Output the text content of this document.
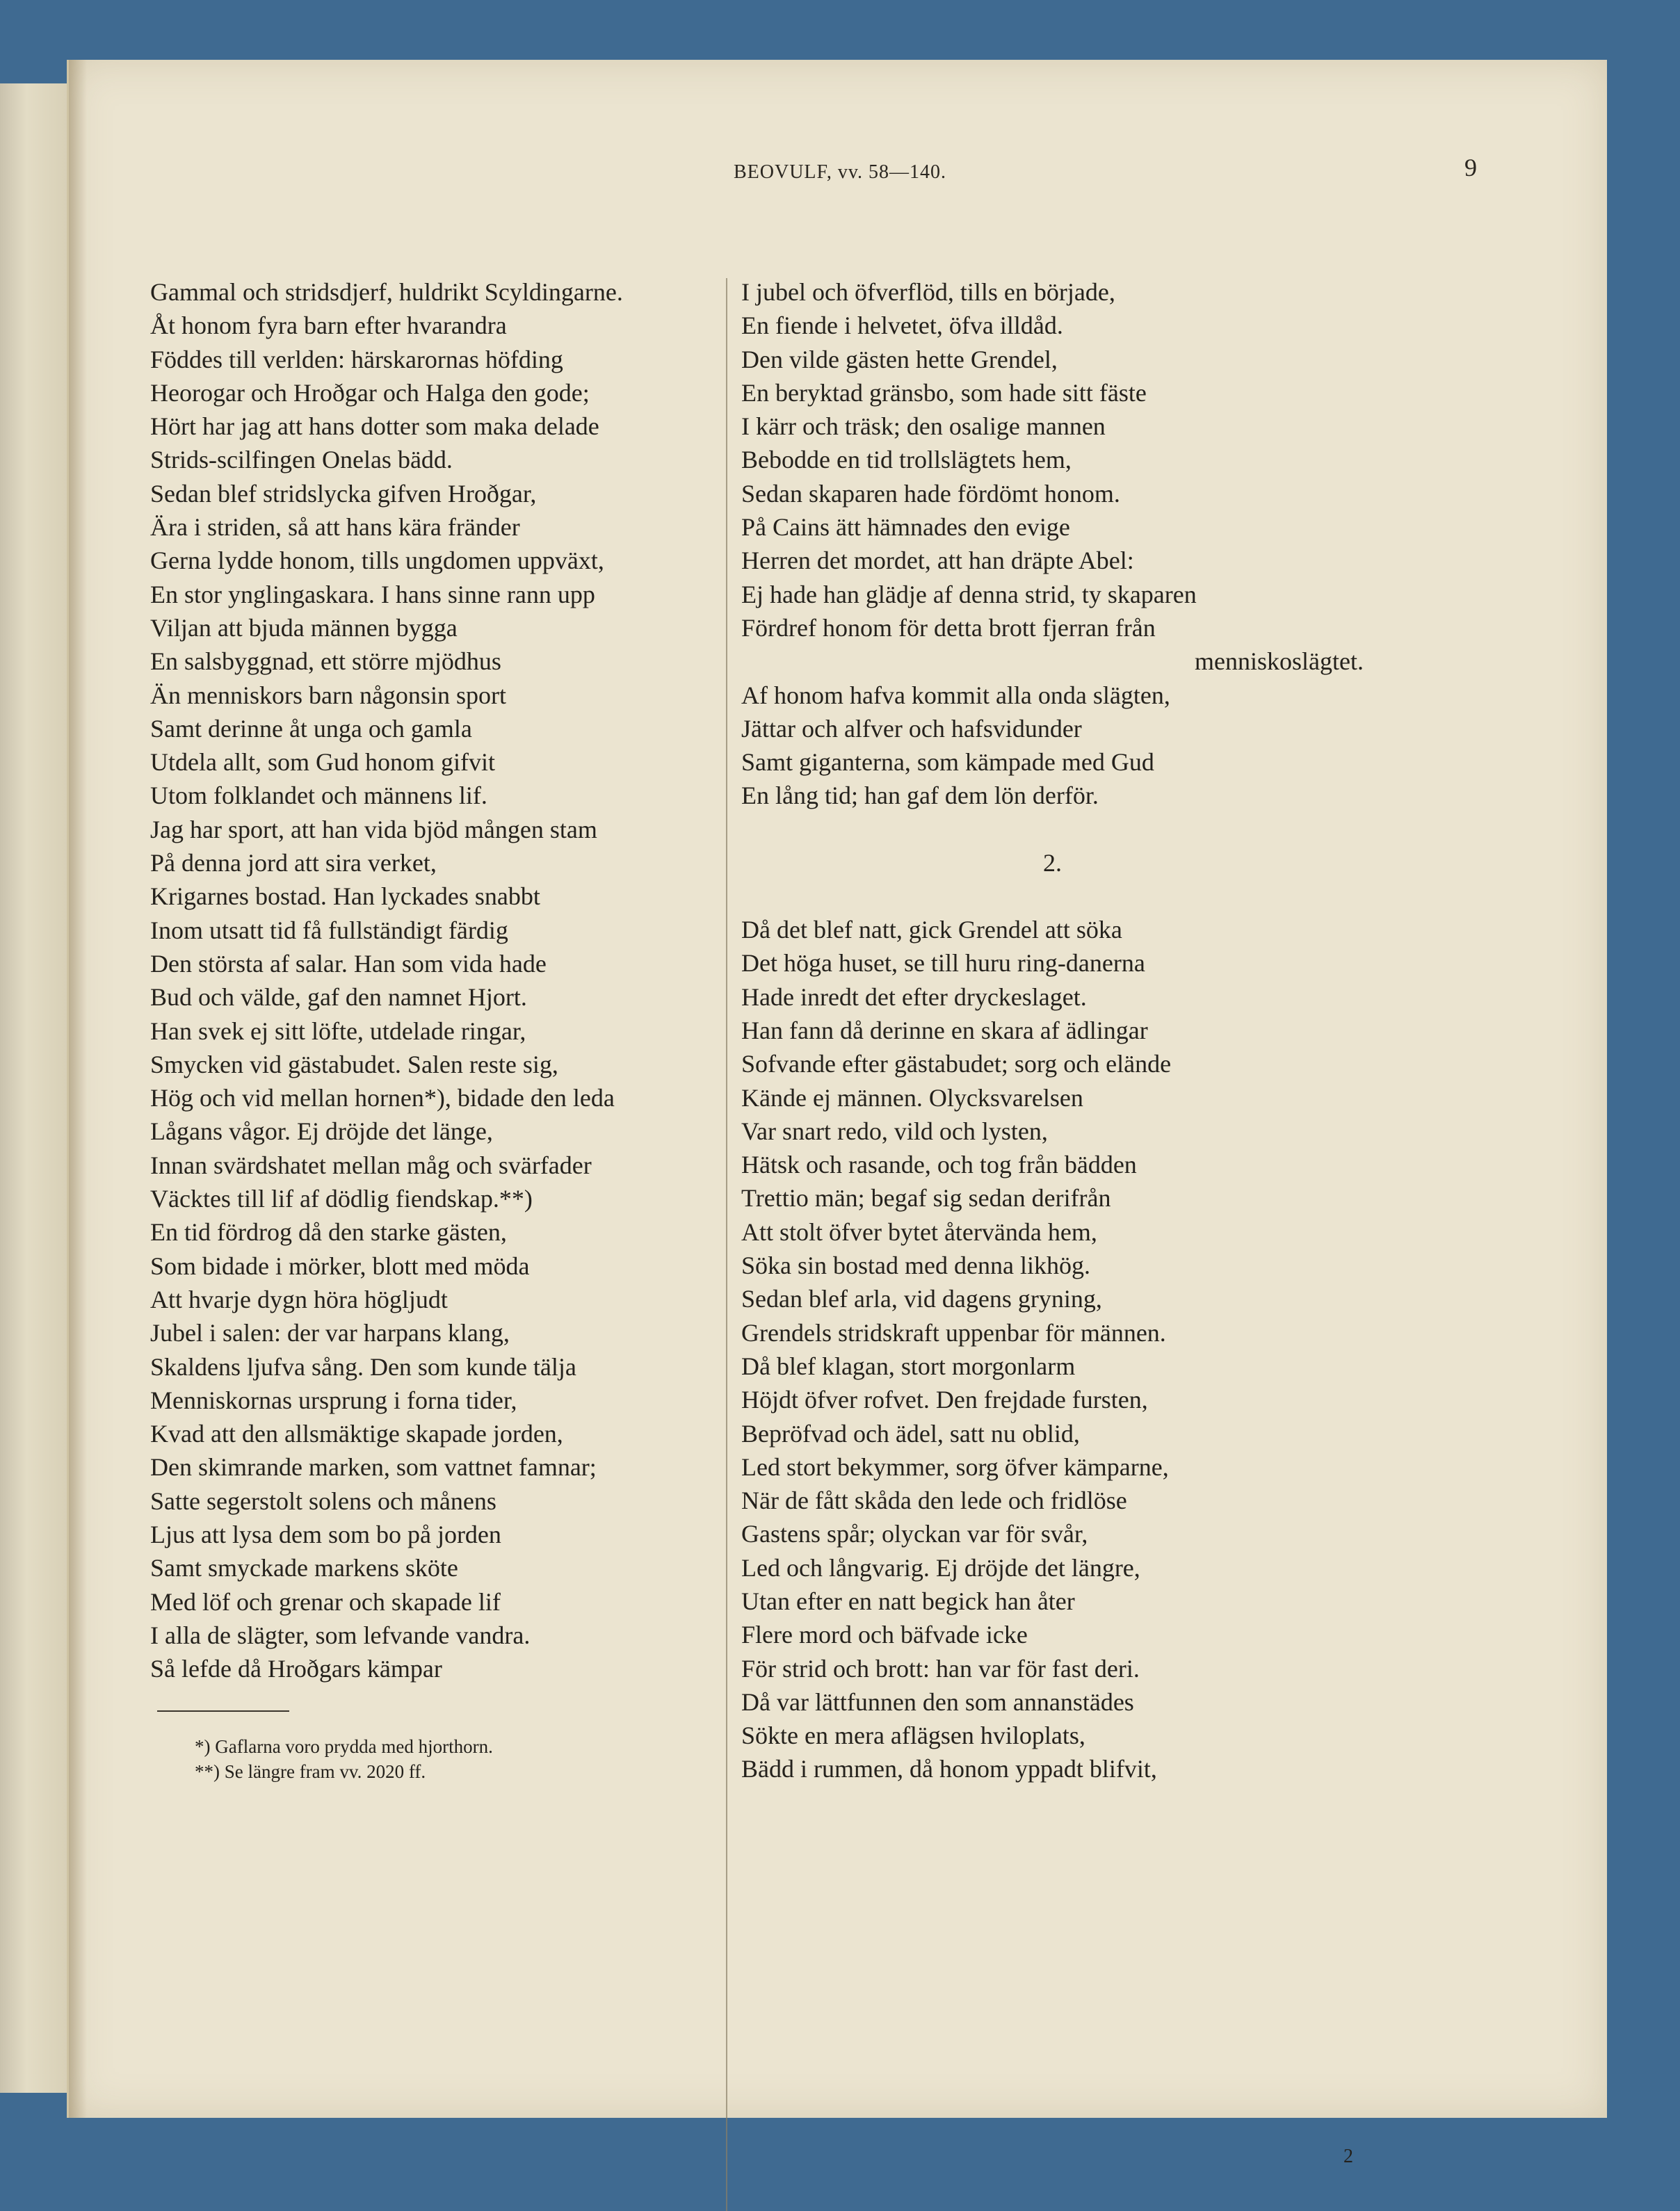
BEOVULF, vv. 58—140.	9
Gammal och stridsdjerf, huldrikt Scyldingarne.
Åt honom fyra barn efter hvarandra
Föddes till verlden: härskarornas höfding
Heorogar och Hroðgar och Halga den gode;
Hört har jag att hans dotter som maka delade
Strids-scilfingen Onelas bädd.
Sedan blef stridslycka gifven Hroðgar,
Ära i striden, så att hans kära fränder
Gerna lydde honom, tills ungdomen uppväxt,
En stor ynglingaskara. I hans sinne rann upp
Viljan att bjuda männen bygga
En salsbyggnad, ett större mjödhus
Än menniskors barn någonsin sport
Samt derinne åt unga och gamla
Utdela allt, som Gud honom gifvit
Utom folklandet och männens lif.
Jag har sport, att han vida bjöd mången stam
På denna jord att sira verket,
Krigarnes bostad. Han lyckades snabbt
Inom utsatt tid få fullständigt färdig
Den största af salar. Han som vida hade
Bud och välde, gaf den namnet Hjort.
Han svek ej sitt löfte, utdelade ringar,
Smycken vid gästabudet. Salen reste sig,
Hög och vid mellan hornen*), bidade den leda
Lågans vågor. Ej dröjde det länge,
Innan svärdshatet mellan måg och svärfader
Väcktes till lif af dödlig fiendskap.**)
En tid fördrog då den starke gästen,
Som bidade i mörker, blott med möda
Att hvarje dygn höra högljudt
Jubel i salen: der var harpans klang,
Skaldens ljufva sång. Den som kunde tälja
Menniskornas ursprung i forna tider,
Kvad att den allsmäktige skapade jorden,
Den skimrande marken, som vattnet famnar;
Satte segerstolt solens och månens
Ljus att lysa dem som bo på jorden
Samt smyckade markens sköte
Med löf och grenar och skapade lif
I alla de slägter, som lefvande vandra.
Så lefde då Hroðgars kämpar
I jubel och öfverflöd, tills en började,
En fiende i helvetet, öfva illdåd.
Den vilde gästen hette Grendel,
En beryktad gränsbo, som hade sitt fäste
I kärr och träsk; den osalige mannen
Bebodde en tid trollslägtets hem,
Sedan skaparen hade fördömt honom.
På Cains ätt hämnades den evige
Herren det mordet, att han dräpte Abel:
Ej hade han glädje af denna strid, ty skaparen
Fördref honom för detta brott fjerran från
menniskoslägtet.
Af honom hafva kommit alla onda slägten,
Jättar och alfver och hafsvidunder
Samt giganterna, som kämpade med Gud
En lång tid; han gaf dem lön derför.
2.
Då det blef natt, gick Grendel att söka
Det höga huset, se till huru ring-danerna
Hade inredt det efter dryckeslaget.
Han fann då derinne en skara af ädlingar
Sofvande efter gästabudet; sorg och elände
Kände ej männen. Olycksvarelsen
Var snart redo, vild och lysten,
Hätsk och rasande, och tog från bädden
Trettio män; begaf sig sedan derifrån
Att stolt öfver bytet återvända hem,
Söka sin bostad med denna likhög.
Sedan blef arla, vid dagens gryning,
Grendels stridskraft uppenbar för männen.
Då blef klagan, stort morgonlarm
Höjdt öfver rofvet. Den frejdade fursten,
Bepröfvad och ädel, satt nu oblid,
Led stort bekymmer, sorg öfver kämparne,
När de fått skåda den lede och fridlöse
Gastens spår; olyckan var för svår,
Led och långvarig. Ej dröjde det längre,
Utan efter en natt begick han åter
Flere mord och bäfvade icke
För strid och brott: han var för fast deri.
Då var lättfunnen den som annanstädes
Sökte en mera aflägsen hviloplats,
Bädd i rummen, då honom yppadt blifvit,
*) Gaflarna voro prydda med hjorthorn.
**) Se längre fram vv. 2020 ff.
2
